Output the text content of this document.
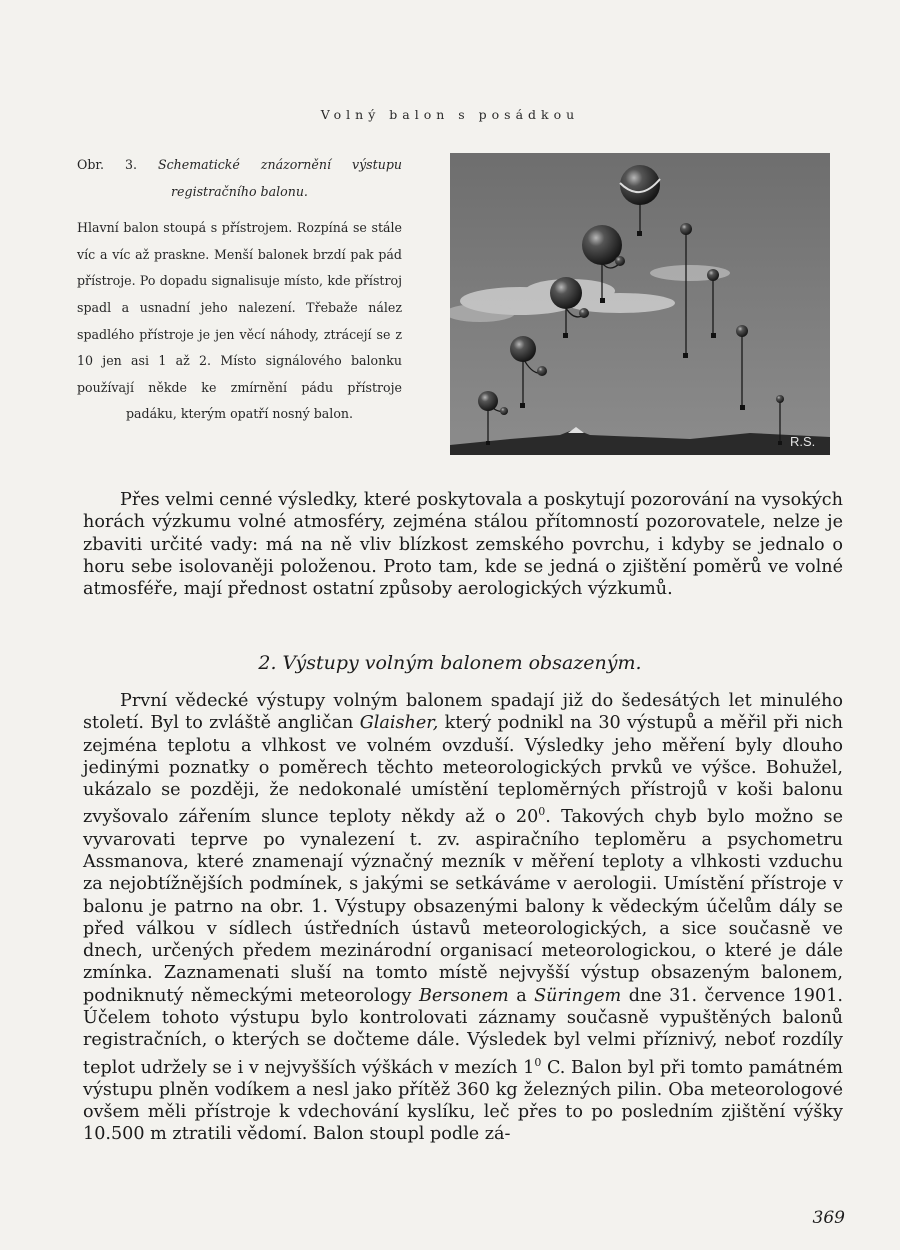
Volný balon s posádkou

Obr. 3. Schematické znázornění výstupu registračního balonu.

Hlavní balon stoupá s přístrojem. Rozpíná se stále víc a víc až praskne. Menší balonek brzdí pak pád přístroje. Po dopadu signalisuje místo, kde přístroj spadl a usnadní jeho nalezení. Třebaže nález spadlého přístroje je jen věcí náhody, ztrácejí se z 10 jen asi 1 až 2. Místo signálového balonku používají někde ke zmírnění pádu přístroje padáku, kterým opatří nosný balon.

R.S.

Přes velmi cenné výsledky, které poskytovala a poskytují pozorování na vysokých horách výzkumu volné atmosféry, zejména stálou přítomností pozorovatele, nelze je zbaviti určité vady: má na ně vliv blízkost zemského povrchu, i kdyby se jednalo o horu sebe isolovaněji položenou. Proto tam, kde se jedná o zjištění poměrů ve volné atmosféře, mají přednost ostatní způsoby aerologických výzkumů.

2. Výstupy volným balonem obsazeným.

První vědecké výstupy volným balonem spadají již do šedesátých let minulého století. Byl to zvláště angličan Glaisher, který podnikl na 30 výstupů a měřil při nich zejména teplotu a vlhkost ve volném ovzduší. Výsledky jeho měření byly dlouho jedinými poznatky o poměrech těchto meteorologických prvků ve výšce. Bohužel, ukázalo se později, že nedokonalé umístění teploměrných přístrojů v koši balonu zvyšovalo zářením slunce teploty někdy až o $20^0$. Takových chyb bylo možno se vyvarovati teprve po vynalezení t. zv. aspiračního teploměru a psychometru Assmanova, které znamenají význačný mezník v měření teploty a vlhkosti vzduchu za nejobtížnějších podmínek, s jakými se setkáváme v aerologii. Umístění přístroje v balonu je patrno na obr. 1. Výstupy obsazenými balony k vědeckým účelům dály se před válkou v sídlech ústředních ústavů meteorologických, a sice současně ve dnech, určených předem mezinárodní organisací meteorologickou, o které je dále zmínka. Zaznamenati sluší na tomto místě nejvyšší výstup obsazeným balonem, podniknutý německými meteorology Bersonem a Süringem dne 31. července 1901. Účelem tohoto výstupu bylo kontrolovati záznamy současně vypuštěných balonů registračních, o kterých se dočteme dále. Výsledek byl velmi příznivý, neboť rozdíly teplot udržely se i v nejvyšších výškách v mezích $1^0$ C. Balon byl při tomto památném výstupu plněn vodíkem a nesl jako přítěž 360 kg železných pilin. Oba meteorologové ovšem měli přístroje k vdechování kyslíku, leč přes to po posledním zjištění výšky 10.500 m ztratili vědomí. Balon stoupl podle zá-

369
